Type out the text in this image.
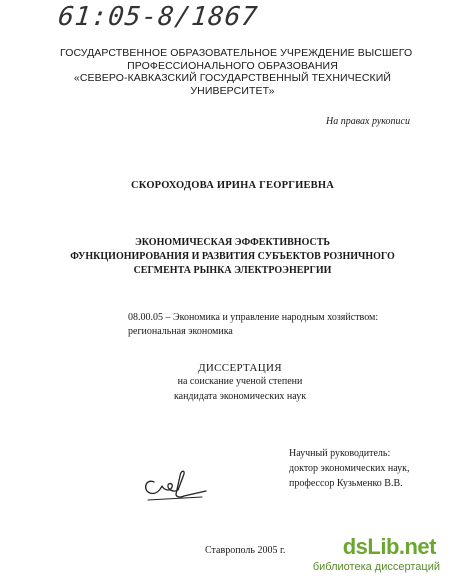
61:05-8/1867
ГОСУДАРСТВЕННОЕ ОБРАЗОВАТЕЛЬНОЕ УЧРЕЖДЕНИЕ ВЫСШЕГО
ПРОФЕССИОНАЛЬНОГО ОБРАЗОВАНИЯ
«СЕВЕРО-КАВКАЗСКИЙ ГОСУДАРСТВЕННЫЙ ТЕХНИЧЕСКИЙ
УНИВЕРСИТЕТ»
На правах рукописи
СКОРОХОДОВА ИРИНА ГЕОРГИЕВНА
ЭКОНОМИЧЕСКАЯ ЭФФЕКТИВНОСТЬ
ФУНКЦИОНИРОВАНИЯ И РАЗВИТИЯ СУБЪЕКТОВ РОЗНИЧНОГО
СЕГМЕНТА РЫНКА ЭЛЕКТРОЭНЕРГИИ
08.00.05 – Экономика и управление народным хозяйством:
региональная экономика
ДИССЕРТАЦИЯ
на соискание ученой степени
кандидата экономических наук
Научный руководитель:
доктор экономических наук,
профессор Кузьменко В.В.
Ставрополь 2005 г.	dsLib.net
библиотека диссертаций
